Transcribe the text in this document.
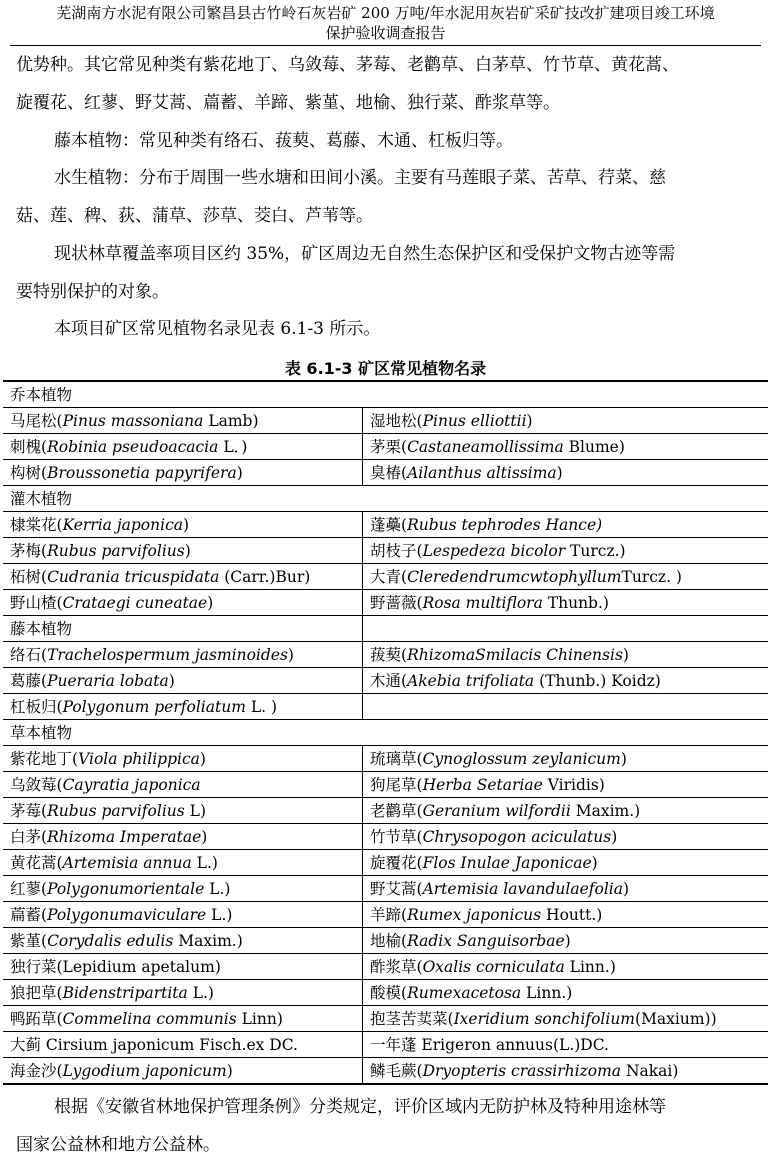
芜湖南方水泥有限公司繁昌县古竹岭石灰岩矿 200 万吨/年水泥用灰岩矿采矿技改扩建项目竣工环境
保护验收调查报告
优势种。其它常见种类有紫花地丁、乌敛莓、茅莓、老鹳草、白茅草、竹节草、黄花蒿、
旋覆花、红蓼、野艾蒿、萹蓄、羊蹄、紫堇、地榆、独行菜、酢浆草等。
藤本植物：常见种类有络石、菝葜、葛藤、木通、杠板归等。
水生植物：分布于周围一些水塘和田间小溪。主要有马莲眼子菜、苦草、荇菜、慈
菇、莲、稗、荻、蒲草、莎草、茭白、芦苇等。
现状林草覆盖率项目区约 35%，矿区周边无自然生态保护区和受保护文物古迹等需
要特别保护的对象。
本项目矿区常见植物名录见表 6.1-3 所示。
表 6.1-3 矿区常见植物名录
乔本植物	
马尾松(Pinus massoniana Lamb)	湿地松(Pinus elliottii)
刺槐(Robinia pseudoacacia L．)	茅栗(Castaneamollissima Blume)
构树(Broussonetia papyrifera)	臭椿(Ailanthus altissima)
灌木植物	
棣棠花(Kerria japonica)	蓬蘽(Rubus tephrodes Hance)
茅梅(Rubus parvifolius)	胡枝子(Lespedeza bicolor Turcz.)
柘树(Cudrania tricuspidata (Carr.)Bur)	大青(CleredendrumcwtophyllumTurcz. )
野山楂(Crataegi cuneatae)	野蔷薇(Rosa multiflora Thunb.)
藤本植物	
络石(Trachelospermum jasminoides)	菝葜(RhizomaSmilacis Chinensis)
葛藤(Pueraria lobata)	木通(Akebia trifoliata (Thunb.) Koidz)
杠板归(Polygonum perfoliatum L. )	
草本植物	
紫花地丁(Viola philippica)	琉璃草(Cynoglossum zeylanicum)
乌敛莓(Cayratia japonica	狗尾草(Herba Setariae Viridis)
茅莓(Rubus parvifolius L)	老鹳草(Geranium wilfordii Maxim.)
白茅(Rhizoma Imperatae)	竹节草(Chrysopogon aciculatus)
黄花蒿(Artemisia annua L.)	旋覆花(Flos Inulae Japonicae)
红蓼(Polygonumorientale L.)	野艾蒿(Artemisia lavandulaefolia)
萹蓄(Polygonumaviculare L.)	羊蹄(Rumex japonicus Houtt.)
紫堇(Corydalis edulis Maxim.)	地榆(Radix Sanguisorbae)
独行菜(Lepidium apetalum)	酢浆草(Oxalis corniculata Linn.)
狼把草(Bidenstripartita L.)	酸模(Rumexacetosa Linn.)
鸭跖草(Commelina communis Linn)	抱茎苦荬菜(Ixeridium sonchifolium(Maxium))
大蓟 Cirsium japonicum Fisch.ex DC.	一年蓬 Erigeron annuus(L.)DC.
海金沙(Lygodium japonicum)	鳞毛蕨(Dryopteris crassirhizoma Nakai)
根据《安徽省林地保护管理条例》分类规定，评价区域内无防护林及特种用途林等
国家公益林和地方公益林。
